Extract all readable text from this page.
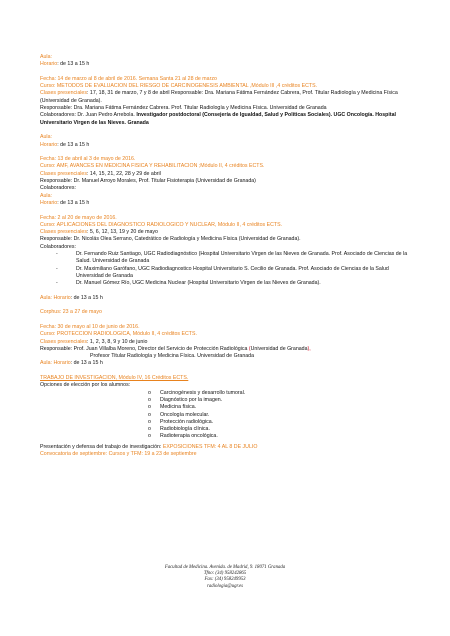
Aula:
Horario: de 13 a 15 h
Fecha: 14 de marzo al 8 de abril de 2016. Semana Santa 21 al 28 de marzo
Curso: MÉTODOS DE EVALUACIÓN DEL RIESGO DE CARCINOGÉNESIS AMBIENTAL ,Módulo III ,4 créditos ECTS.
Clases presenciales: 17, 18, 31 de marzo, 7 y 8 de abril Responsable: Dra. Mariana Fátima Fernández Cabrera, Prof. Titular Radiología y Medicina Física (Universidad de Granada).
Responsable: Dra. Mariana Fátima Fernández Cabrera. Prof. Titular Radiología y Medicina Física. Universidad de Granada
Colaboradores: Dr. Juan Pedro Arrebola. Investigador postdoctoral (Consejería de Igualdad, Salud y Políticas Sociales). UGC Oncología. Hospital Universitario Virgen de las Nieves. Granada
Aula:
Horario: de 13 a 15 h
Fecha: 13 de abril al 3 de mayo de 2016.
Curso: AMF, AVANCES EN MEDICINA FÍSICA Y REHABILITACIÓN ;Módulo II, 4 créditos ECTS.
Clases presenciales: 14, 15, 21, 22, 28 y 29 de abril
Responsable: Dr. Manuel Arroyo Morales, Prof. Titular Fisioterapia (Universidad de Granada)
Colaboradores:
Aula:
Horario: de 13 a 15 h
Fecha: 2 al 20 de mayo de 2016.
Curso: APLICACIONES DEL DIAGNÓSTICO RADIOLÓGICO Y NUCLEAR, Módulo II, 4 créditos ECTS.
Clases presenciales: 5, 6, 12, 13, 19 y 20 de mayo
Responsable: Dr. Nicolás Olea Serrano, Catedrático de Radiología y Medicina Física (Universidad de Granada).
Colaboradores:
-	Dr. Fernando Ruiz Santiago, UGC Radiodiagnóstico (Hospital Universitario Virgen de las Nieves de Granada. Prof. Asociado de Ciencias de la Salud. Universidad de Granada
-	Dr. Maximiliano Garófano, UGC Radiodiagnostico Hospital Universitario S. Cecilio de Granada. Prof. Asociado de Ciencias de la Salud Universidad de Granada
-	Dr. Manuel Gómez Río, UGC Medicina Nuclear (Hospital Universitario Virgen de las Nieves de Granada).
Aula: Horario: de 13 a 15 h
Corphus: 23 a 27 de mayo
Fecha: 30 de mayo al 10 de junio de 2016.
Curso: PROTECCIÓN RADIOLÓGICA, Módulo II, 4 créditos ECTS.
Clases presenciales: 1, 2, 3, 8, 9 y 10 de junio
Responsable: Prof. Juan Villalba Moreno, Director del Servicio de Protección Radiológica (Universidad de Granada),
Profesor Titular Radiología y Medicina Física. Universidad de Granada
Aula: Horario: de 13 a 15 h
TRABAJO DE INVESTIGACIÓN, Módulo IV, 16 Créditos ECTS.
Opciones de elección por los alumnos:
o	Carcinogénesis y desarrollo tumoral.
o	Diagnóstico por la imagen.
o	Medicina física.
o	Oncología molecular.
o	Protección radiológica.
o	Radiobiología clínica.
o	Radioterapia oncológica.
Presentación y defensa del trabajo de investigación: EXPOSICIONES TFM: 4 AL 8 DE JULIO
Convocatoria de septiembre: Cursos y TFM: 19 a 23 de septiembre
Facultad de Medicina. Avenida. de Madrid, 9. 18071 Granada
Tfno: (34) 958242865
Fax: (34) 958249953
radiologia@ugr.es
